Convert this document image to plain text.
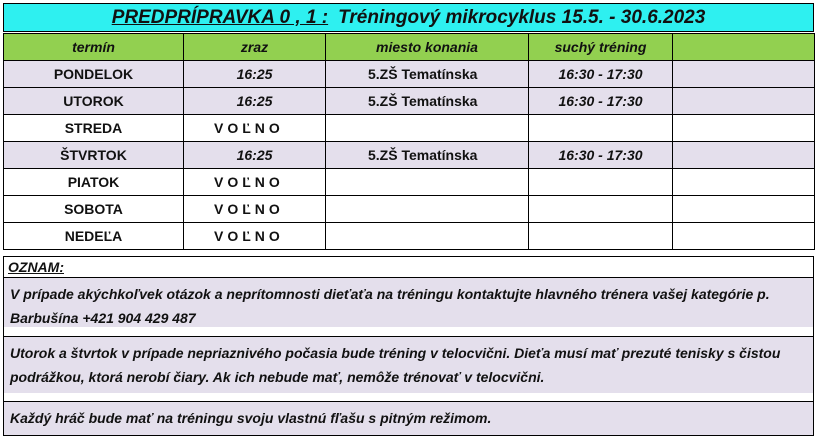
PREDPRÍPRAVKA 0 , 1 : Tréningový mikrocyklus 15.5. - 30.6.2023
termín	zraz	miesto konania	suchý tréning	
PONDELOK	16:25	5.ZŠ Tematínska	16:30 - 17:30	
UTOROK	16:25	5.ZŠ Tematínska	16:30 - 17:30	
STREDA	VOĽNO			
ŠTVRTOK	16:25	5.ZŠ Tematínska	16:30 - 17:30	
PIATOK	VOĽNO			
SOBOTA	VOĽNO			
NEDEĽA	VOĽNO			
OZNAM:
V prípade akýchkoľvek otázok a neprítomnosti dieťaťa na tréningu kontaktujte hlavného trénera vašej kategórie p. Barbušína +421 904 429 487
Utorok a štvrtok v prípade nepriaznivého počasia bude tréning v telocvični. Dieťa musí mať prezuté tenisky s čistou podrážkou, ktorá nerobí čiary. Ak ich nebude mať, nemôže trénovať v telocvični.
Každý hráč bude mať na tréningu svoju vlastnú fľašu s pitným režimom.
